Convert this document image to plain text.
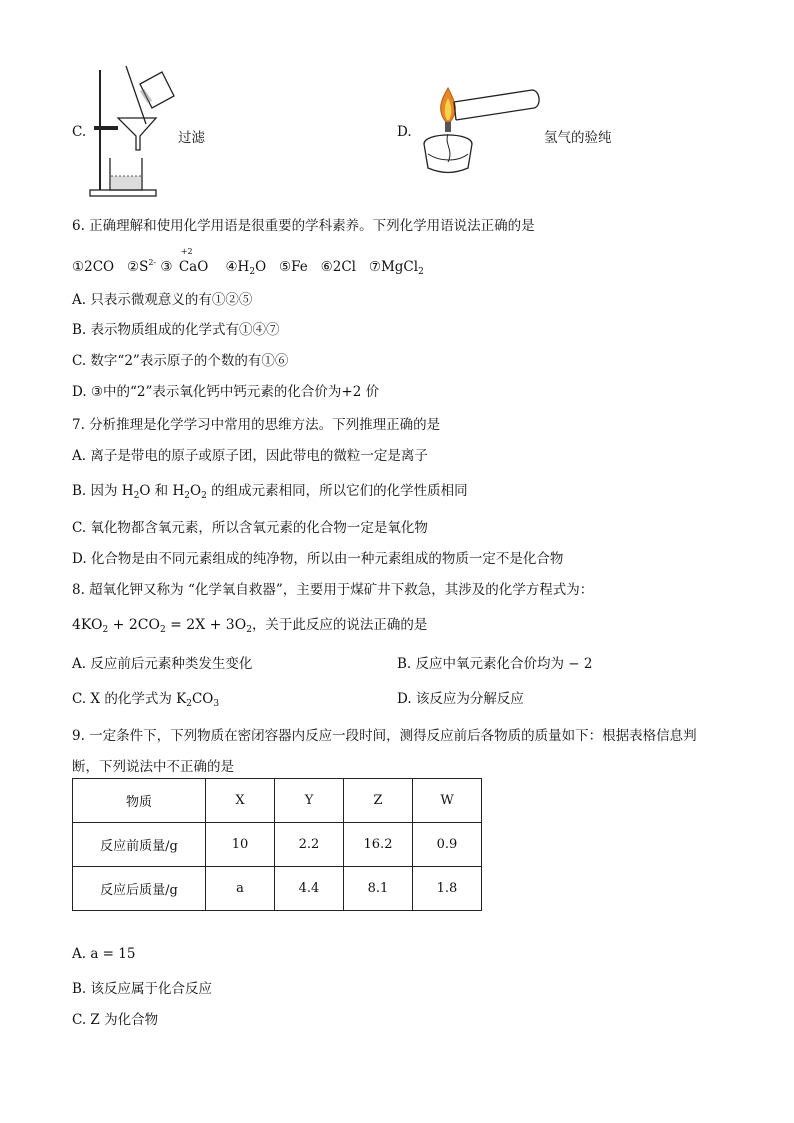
C.	过滤	D.	氢气的验纯
6. 正确理解和使用化学用语是很重要的学科素养。下列化学用语说法正确的是
①2CO $②S^{2-}$ ③
+2
CaO $④H_2O$ ⑤Fe ⑥2Cl ⑦MgCl$_2$
A. 只表示微观意义的有①②⑤
B. 表示物质组成的化学式有①④⑦
C. 数字“2”表示原子的个数的有①⑥
D. ③中的“2”表示氧化钙中钙元素的化合价为+2 价
7. 分析推理是化学学习中常用的思维方法。下列推理正确的是
A. 离子是带电的原子或原子团，因此带电的微粒一定是离子
B. 因为 $H_2O$ 和 $H_2O_2$ 的组成元素相同，所以它们的化学性质相同
C. 氧化物都含氧元素，所以含氧元素的化合物一定是氧化物
D. 化合物是由不同元素组成的纯净物，所以由一种元素组成的物质一定不是化合物
8. 超氧化钾又称为 “化学氧自救器”，主要用于煤矿井下救急，其涉及的化学方程式为：
$4KO_2 + 2CO_2 = 2X + 3O_2$，关于此反应的说法正确的是
A. 反应前后元素种类发生变化	B. 反应中氧元素化合价均为 − 2
C. X 的化学式为 $K_2CO_3$	D. 该反应为分解反应
9. 一定条件下，下列物质在密闭容器内反应一段时间，测得反应前后各物质的质量如下：根据表格信息判
断，下列说法中不正确的是
物质	X	Y	Z	W
反应前质量/g	10	2.2	16.2	0.9
反应后质量/g	a	4.4	8.1	1.8
A. a = 15
B. 该反应属于化合反应
C. Z 为化合物
